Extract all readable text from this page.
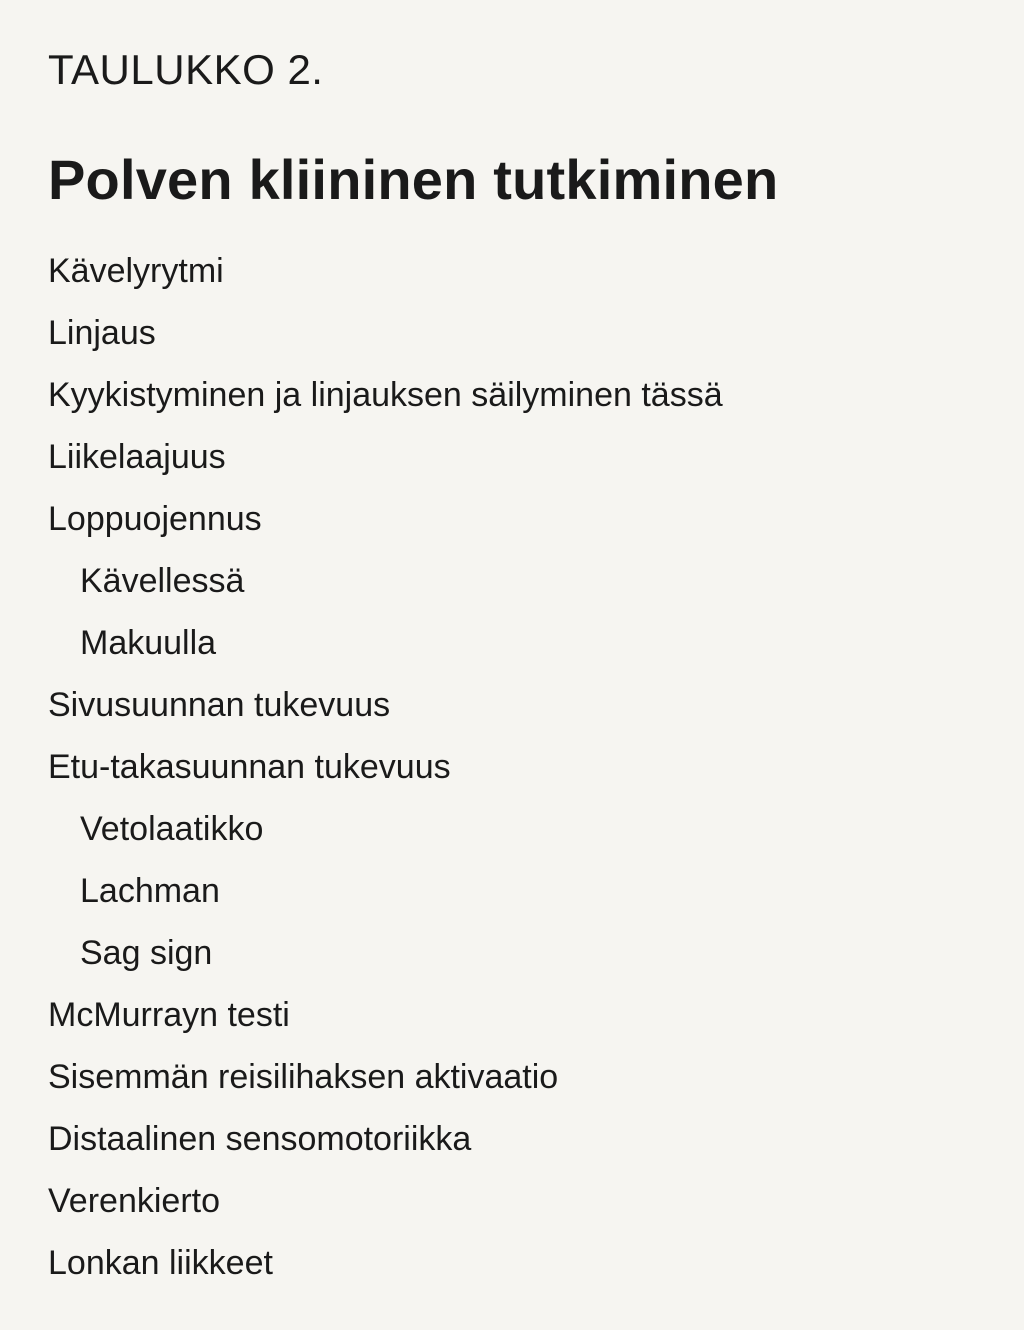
TAULUKKO 2.
Polven kliininen tutkiminen
Kävelyrytmi
Linjaus
Kyykistyminen ja linjauksen säilyminen tässä
Liikelaajuus
Loppuojennus
Kävellessä
Makuulla
Sivusuunnan tukevuus
Etu-takasuunnan tukevuus
Vetolaatikko
Lachman
Sag sign
McMurrayn testi
Sisemmän reisilihaksen aktivaatio
Distaalinen sensomotoriikka
Verenkierto
Lonkan liikkeet
